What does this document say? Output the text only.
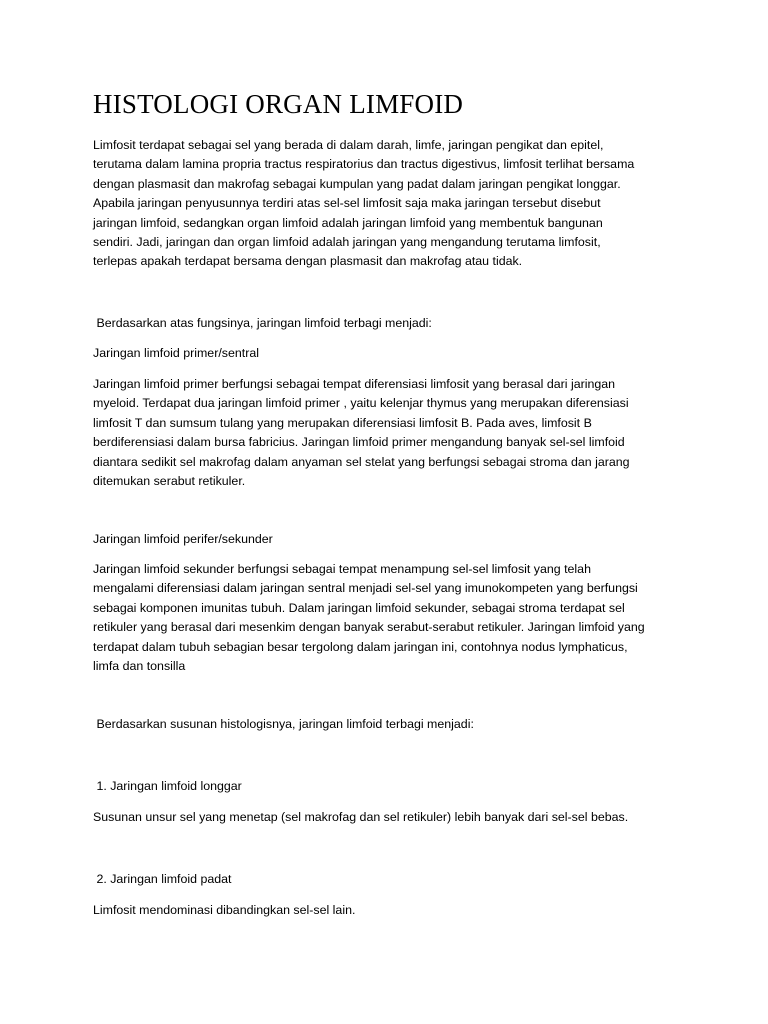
HISTOLOGI ORGAN LIMFOID
Limfosit terdapat sebagai sel yang berada di dalam darah, limfe, jaringan pengikat dan epitel,
terutama dalam lamina propria tractus respiratorius dan tractus digestivus, limfosit terlihat bersama
dengan plasmasit dan makrofag sebagai kumpulan yang padat dalam jaringan pengikat longgar.
Apabila jaringan penyusunnya terdiri atas sel-sel limfosit saja maka jaringan tersebut disebut
jaringan limfoid, sedangkan organ limfoid adalah jaringan limfoid yang membentuk bangunan
sendiri. Jadi, jaringan dan organ limfoid adalah jaringan yang mengandung terutama limfosit,
terlepas apakah terdapat bersama dengan plasmasit dan makrofag atau tidak.

Berdasarkan atas fungsinya, jaringan limfoid terbagi menjadi:

Jaringan limfoid primer/sentral

Jaringan limfoid primer berfungsi sebagai tempat diferensiasi limfosit yang berasal dari jaringan
myeloid. Terdapat dua jaringan limfoid primer , yaitu kelenjar thymus yang merupakan diferensiasi
limfosit T dan sumsum tulang yang merupakan diferensiasi limfosit B. Pada aves, limfosit B
berdiferensiasi dalam bursa fabricius. Jaringan limfoid primer mengandung banyak sel-sel limfoid
diantara sedikit sel makrofag dalam anyaman sel stelat yang berfungsi sebagai stroma dan jarang
ditemukan serabut retikuler.

Jaringan limfoid perifer/sekunder

Jaringan limfoid sekunder berfungsi sebagai tempat menampung sel-sel limfosit yang telah
mengalami diferensiasi dalam jaringan sentral menjadi sel-sel yang imunokompeten yang berfungsi
sebagai komponen imunitas tubuh. Dalam jaringan limfoid sekunder, sebagai stroma terdapat sel
retikuler yang berasal dari mesenkim dengan banyak serabut-serabut retikuler. Jaringan limfoid yang
terdapat dalam tubuh sebagian besar tergolong dalam jaringan ini, contohnya nodus lymphaticus,
limfa dan tonsilla

Berdasarkan susunan histologisnya, jaringan limfoid terbagi menjadi:

1. Jaringan limfoid longgar

Susunan unsur sel yang menetap (sel makrofag dan sel retikuler) lebih banyak dari sel-sel bebas.

2. Jaringan limfoid padat

Limfosit mendominasi dibandingkan sel-sel lain.
